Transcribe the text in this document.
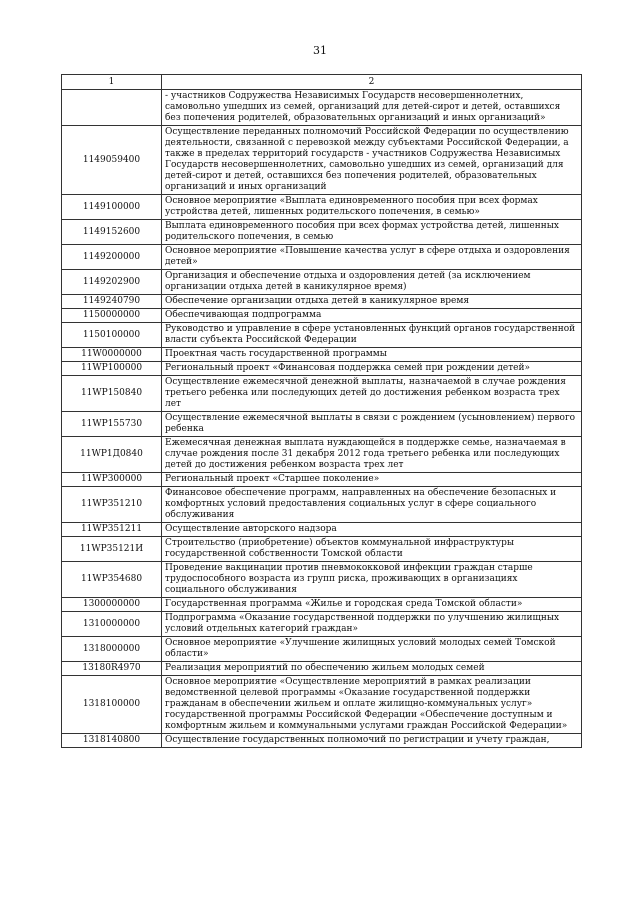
31
1	2
	- участников Содружества Независимых Государств несовершеннолетних, самовольно ушедших из семей, организаций для детей-сирот и детей, оставшихся без попечения родителей, образовательных организаций и иных организаций»
1149059400	Осуществление переданных полномочий Российской Федерации по осуществлению деятельности, связанной с перевозкой между субъектами Российской Федерации, а также в пределах территорий государств - участников Содружества Независимых Государств несовершеннолетних, самовольно ушедших из семей, организаций для детей-сирот и детей, оставшихся без попечения родителей, образовательных организаций и иных организаций
1149100000	Основное мероприятие «Выплата единовременного пособия при всех формах устройства детей, лишенных родительского попечения, в семью»
1149152600	Выплата единовременного пособия при всех формах устройства детей, лишенных родительского попечения, в семью
1149200000	Основное мероприятие «Повышение качества услуг в сфере отдыха и оздоровления детей»
1149202900	Организация и обеспечение отдыха и оздоровления детей (за исключением организации отдыха детей в каникулярное время)
1149240790	Обеспечение организации отдыха детей в каникулярное время
1150000000	Обеспечивающая подпрограмма
1150100000	Руководство и управление в сфере установленных функций органов государственной власти субъекта Российской Федерации
11W0000000	Проектная часть государственной программы
11WP100000	Региональный проект «Финансовая поддержка семей при рождении детей»
11WP150840	Осуществление ежемесячной денежной выплаты, назначаемой в случае рождения третьего ребенка или последующих детей до достижения ребенком возраста трех лет
11WP155730	Осуществление ежемесячной выплаты в связи с рождением (усыновлением) первого ребенка
11WP1Д0840	Ежемесячная денежная выплата нуждающейся в поддержке семье, назначаемая в случае рождения после 31 декабря 2012 года третьего ребенка или последующих детей до достижения ребенком возраста трех лет
11WP300000	Региональный проект «Старшее поколение»
11WP351210	Финансовое обеспечение программ, направленных на обеспечение безопасных и комфортных условий предоставления социальных услуг в сфере социального обслуживания
11WP351211	Осуществление авторского надзора
11WP35121И	Строительство (приобретение) объектов коммунальной инфраструктуры государственной собственности Томской области
11WP354680	Проведение вакцинации против пневмококковой инфекции граждан старше трудоспособного возраста из групп риска, проживающих в организациях социального обслуживания
1300000000	Государственная программа «Жилье и городская среда Томской области»
1310000000	Подпрограмма «Оказание государственной поддержки по улучшению жилищных условий отдельных категорий граждан»
1318000000	Основное мероприятие «Улучшение жилищных условий молодых семей Томской области»
13180R4970	Реализация мероприятий по обеспечению жильем молодых семей
1318100000	Основное мероприятие «Осуществление мероприятий в рамках реализации ведомственной целевой программы «Оказание государственной поддержки гражданам в обеспечении жильем и оплате жилищно-коммунальных услуг» государственной программы Российской Федерации «Обеспечение доступным и комфортным жильем и коммунальными услугами граждан Российской Федерации»
1318140800	Осуществление государственных полномочий по регистрации и учету граждан,
